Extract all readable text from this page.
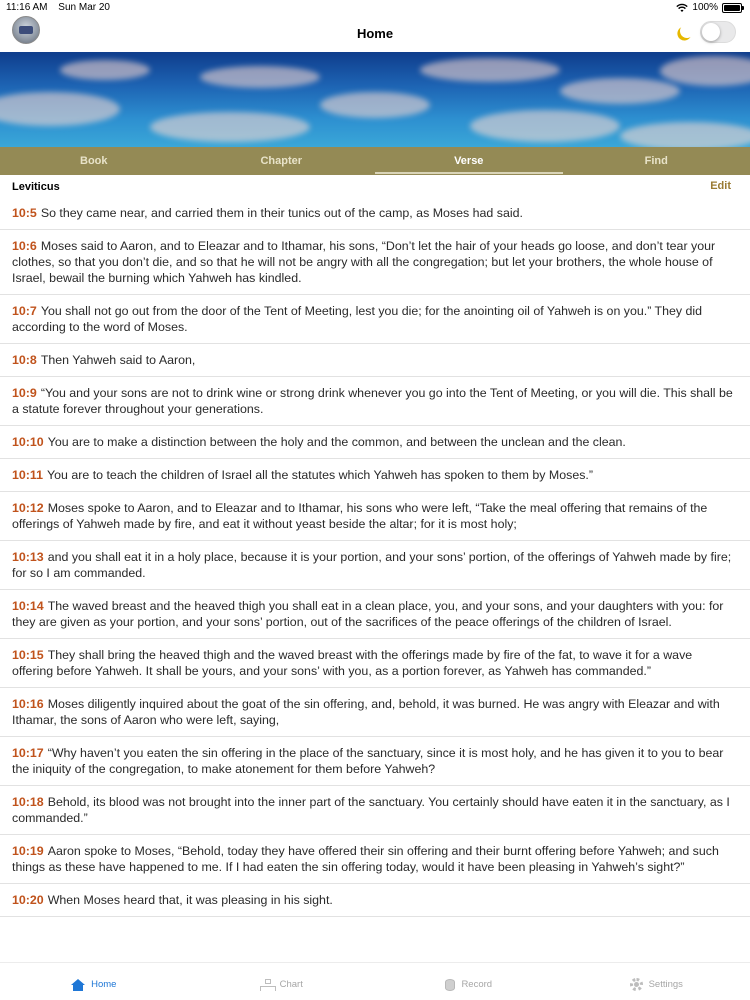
11:16 AM Sun Mar 20	100%
Home
Book	Chapter	Verse	Find
Leviticus	Edit
10:5 So they came near, and carried them in their tunics out of the camp, as Moses had said.
10:6 Moses said to Aaron, and to Eleazar and to Ithamar, his sons, “Don’t let the hair of your heads go loose, and don’t tear your clothes, so that you don’t die, and so that he will not be angry with all the congregation; but let your brothers, the whole house of Israel, bewail the burning which Yahweh has kindled.
10:7 You shall not go out from the door of the Tent of Meeting, lest you die; for the anointing oil of Yahweh is on you.” They did according to the word of Moses.
10:8 Then Yahweh said to Aaron,
10:9 “You and your sons are not to drink wine or strong drink whenever you go into the Tent of Meeting, or you will die. This shall be a statute forever throughout your generations.
10:10 You are to make a distinction between the holy and the common, and between the unclean and the clean.
10:11 You are to teach the children of Israel all the statutes which Yahweh has spoken to them by Moses.”
10:12 Moses spoke to Aaron, and to Eleazar and to Ithamar, his sons who were left, “Take the meal offering that remains of the offerings of Yahweh made by fire, and eat it without yeast beside the altar; for it is most holy;
10:13 and you shall eat it in a holy place, because it is your portion, and your sons’ portion, of the offerings of Yahweh made by fire; for so I am commanded.
10:14 The waved breast and the heaved thigh you shall eat in a clean place, you, and your sons, and your daughters with you: for they are given as your portion, and your sons’ portion, out of the sacrifices of the peace offerings of the children of Israel.
10:15 They shall bring the heaved thigh and the waved breast with the offerings made by fire of the fat, to wave it for a wave offering before Yahweh. It shall be yours, and your sons’ with you, as a portion forever, as Yahweh has commanded.”
10:16 Moses diligently inquired about the goat of the sin offering, and, behold, it was burned. He was angry with Eleazar and with Ithamar, the sons of Aaron who were left, saying,
10:17 “Why haven’t you eaten the sin offering in the place of the sanctuary, since it is most holy, and he has given it to you to bear the iniquity of the congregation, to make atonement for them before Yahweh?
10:18 Behold, its blood was not brought into the inner part of the sanctuary. You certainly should have eaten it in the sanctuary, as I commanded.”
10:19 Aaron spoke to Moses, “Behold, today they have offered their sin offering and their burnt offering before Yahweh; and such things as these have happened to me. If I had eaten the sin offering today, would it have been pleasing in Yahweh’s sight?”
10:20 When Moses heard that, it was pleasing in his sight.
Home	Chart	Record	Settings
